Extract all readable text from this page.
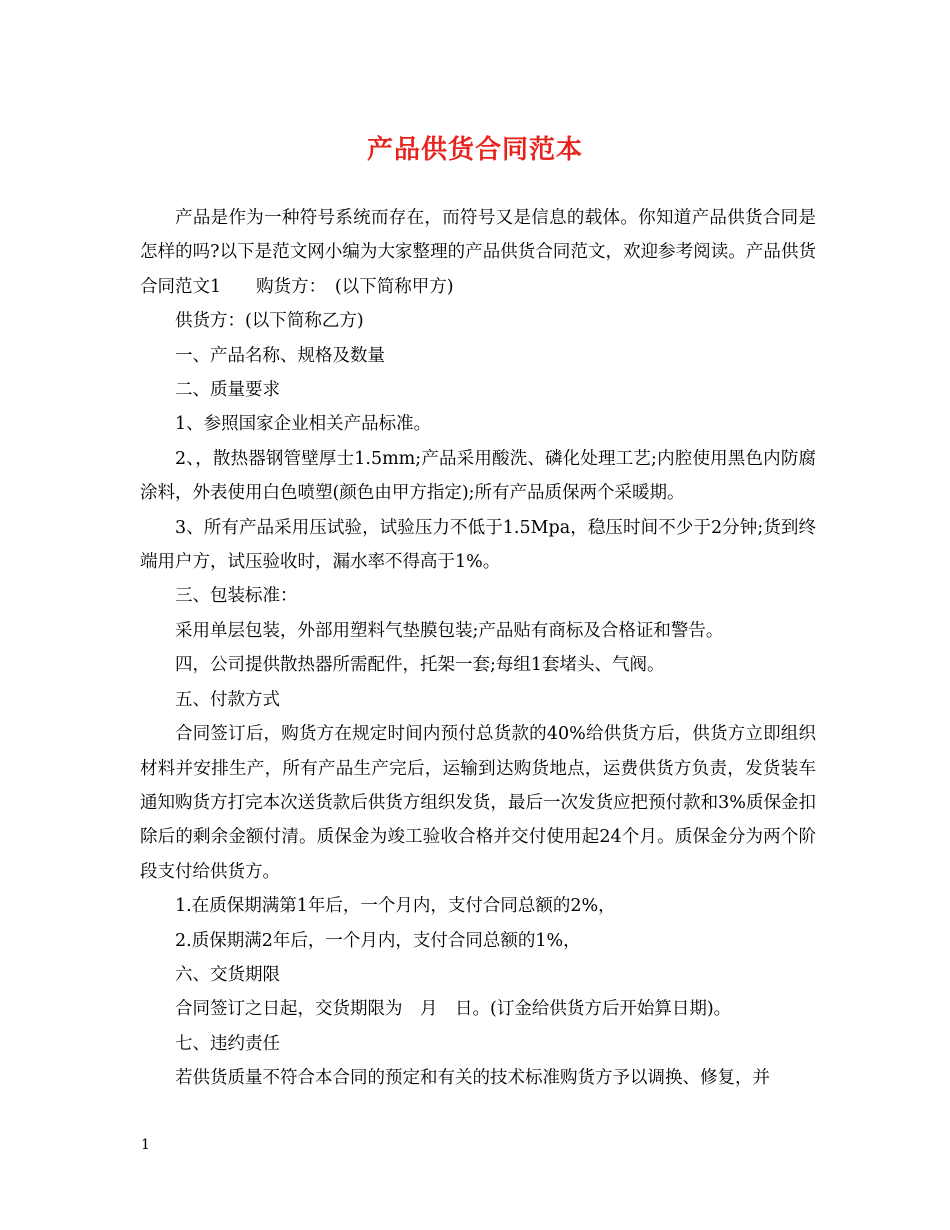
产品供货合同范本

产品是作为一种符号系统而存在，而符号又是信息的载体。你知道产品供货合同是怎样的吗?以下是范文网小编为大家整理的产品供货合同范文，欢迎参考阅读。产品供货合同范文1　　购货方：　(以下简称甲方)

供货方：(以下简称乙方)

一、产品名称、规格及数量

二、质量要求

1、参照国家企业相关产品标准。

2、，散热器钢管壁厚士1.5mm;产品采用酸洗、磷化处理工艺;内腔使用黑色内防腐涂料，外表使用白色喷塑(颜色由甲方指定);所有产品质保两个采暖期。

3、所有产品采用压试验，试验压力不低于1.5Mpa，稳压时间不少于2分钟;货到终端用户方，试压验收时，漏水率不得高于1%。

三、包装标准：

采用单层包装，外部用塑料气垫膜包装;产品贴有商标及合格证和警告。

四，公司提供散热器所需配件，托架一套;每组1套堵头、气阀。

五、付款方式

合同签订后，购货方在规定时间内预付总货款的40%给供货方后，供货方立即组织材料并安排生产，所有产品生产完后，运输到达购货地点，运费供货方负责，发货装车通知购货方打完本次送货款后供货方组织发货，最后一次发货应把预付款和3%质保金扣除后的剩余金额付清。质保金为竣工验收合格并交付使用起24个月。质保金分为两个阶段支付给供货方。

1.在质保期满第1年后，一个月内，支付合同总额的2%，

2.质保期满2年后，一个月内，支付合同总额的1%，

六、交货期限

合同签订之日起，交货期限为　月　日。(订金给供货方后开始算日期)。

七、违约责任

若供货质量不符合本合同的预定和有关的技术标准购货方予以调换、修复，并

1
